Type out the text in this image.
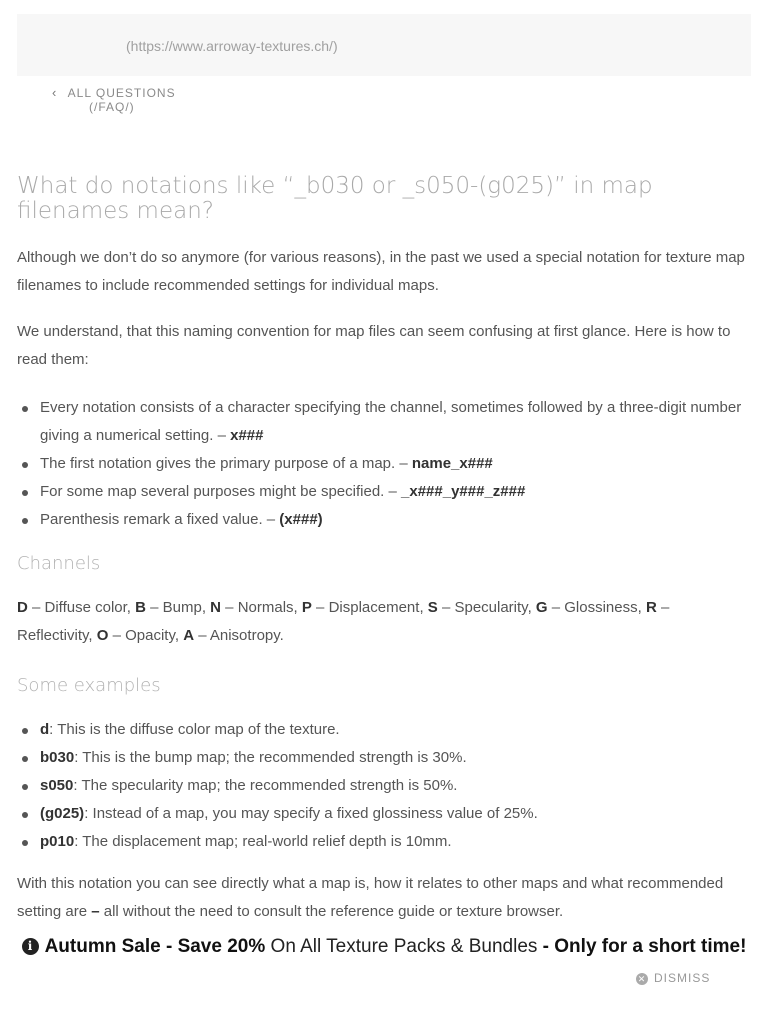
(https://www.arroway-textures.ch/)
‹ ALL QUESTIONS
(/FAQ/)
What do notations like “_b030 or _s050-(g025)” in map filenames mean?

Although we don’t do so anymore (for various reasons), in the past we used a special notation for texture map filenames to include recommended settings for individual maps.

We understand, that this naming convention for map files can seem confusing at first glance. Here is how to read them:

Every notation consists of a character specifying the channel, sometimes followed by a three-digit number giving a numerical setting. – x###
The first notation gives the primary purpose of a map. – name_x###
For some map several purposes might be specified. – _x###_y###_z###
Parenthesis remark a fixed value. – (x###)
Channels

D – Diffuse color, B – Bump, N – Normals, P – Displacement, S – Specularity, G – Glossiness, R – Reflectivity, O – Opacity, A – Anisotropy.

Some examples
d: This is the diffuse color map of the texture.
b030: This is the bump map; the recommended strength is 30%.
s050: The specularity map; the recommended strength is 50%.
(g025): Instead of a map, you may specify a fixed glossiness value of 25%.
p010: The displacement map; real-world relief depth is 10mm.

With this notation you can see directly what a map is, how it relates to other maps and what recommended setting are – all without the need to consult the reference guide or texture browser.

i Autumn Sale - Save 20% On All Texture Packs & Bundles - Only for a short time!
✕ DISMISS
